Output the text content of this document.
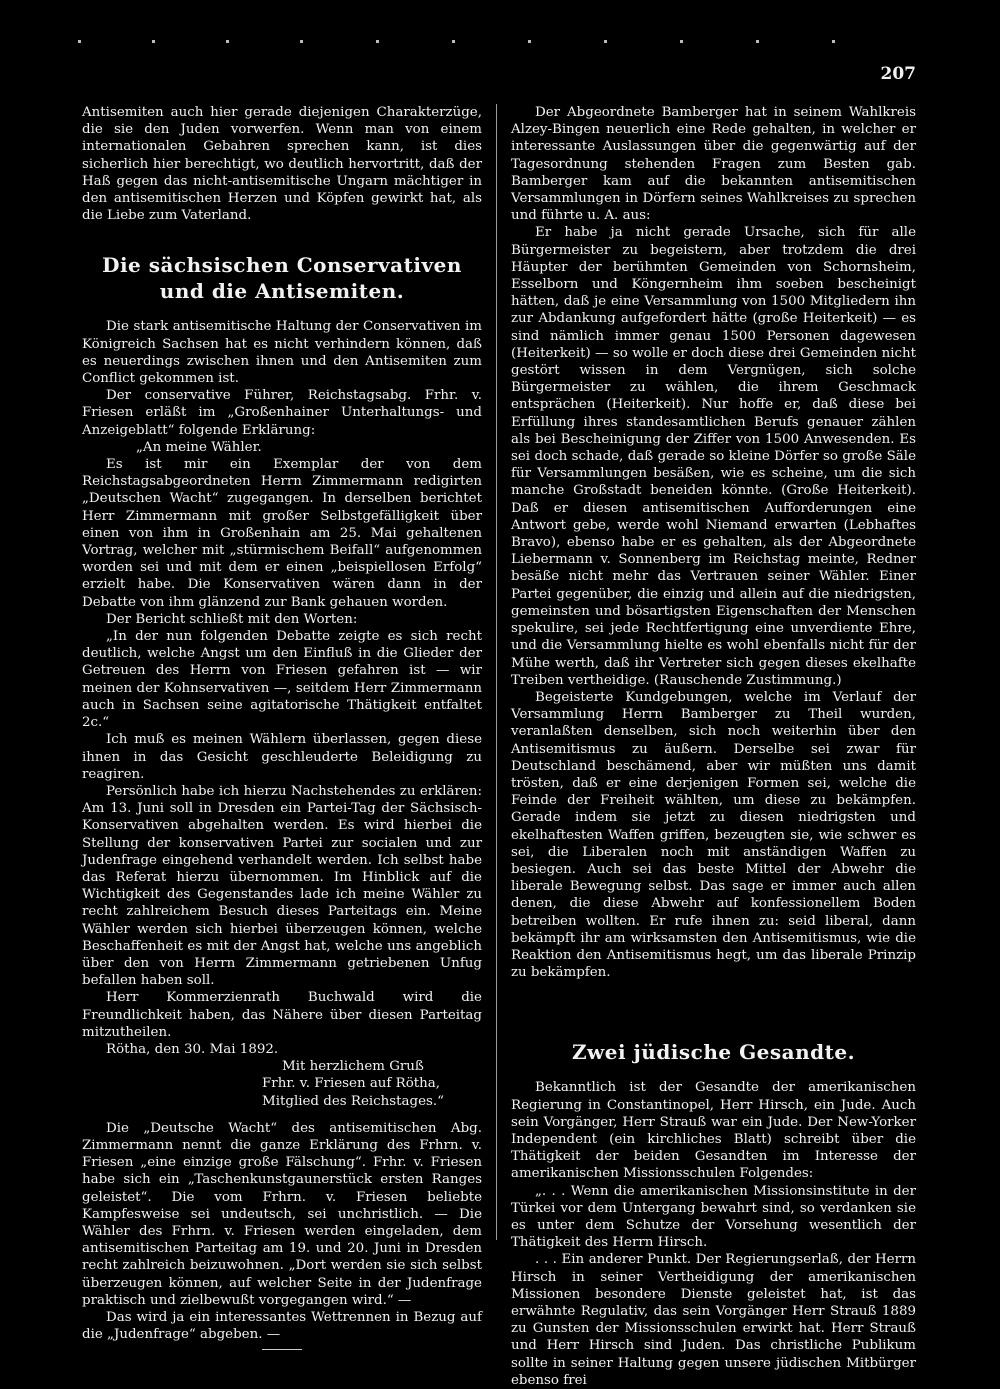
207

Antisemiten auch hier gerade diejenigen Charakterzüge, die sie den Juden vorwerfen. Wenn man von einem internationalen Gebahren sprechen kann, ist dies sicherlich hier berechtigt, wo deutlich hervortritt, daß der Haß gegen das nicht-antisemitische Ungarn mächtiger in den antisemitischen Herzen und Köpfen gewirkt hat, als die Liebe zum Vaterland.

Die sächsischen Conservativen und die Antisemiten.

Die stark antisemitische Haltung der Conservativen im Königreich Sachsen hat es nicht verhindern können, daß es neuerdings zwischen ihnen und den Antisemiten zum Conflict gekommen ist.

Der conservative Führer, Reichstagsabg. Frhr. v. Friesen erläßt im „Großenhainer Unterhaltungs- und Anzeigeblatt“ folgende Erklärung:

„An meine Wähler.

Es ist mir ein Exemplar der von dem Reichstagsabgeordneten Herrn Zimmermann redigirten „Deutschen Wacht“ zugegangen. In derselben berichtet Herr Zimmermann mit großer Selbstgefälligkeit über einen von ihm in Großenhain am 25. Mai gehaltenen Vortrag, welcher mit „stürmischem Beifall“ aufgenommen worden sei und mit dem er einen „beispiellosen Erfolg“ erzielt habe. Die Konservativen wären dann in der Debatte von ihm glänzend zur Bank gehauen worden.

Der Bericht schließt mit den Worten:

„In der nun folgenden Debatte zeigte es sich recht deutlich, welche Angst um den Einfluß in die Glieder der Getreuen des Herrn von Friesen gefahren ist — wir meinen der Kohnservativen —, seitdem Herr Zimmermann auch in Sachsen seine agitatorische Thätigkeit entfaltet 2c.“

Ich muß es meinen Wählern überlassen, gegen diese ihnen in das Gesicht geschleuderte Beleidigung zu reagiren.

Persönlich habe ich hierzu Nachstehendes zu erklären: Am 13. Juni soll in Dresden ein Partei-Tag der Sächsisch-Konservativen abgehalten werden. Es wird hierbei die Stellung der konservativen Partei zur socialen und zur Judenfrage eingehend verhandelt werden. Ich selbst habe das Referat hierzu übernommen. Im Hinblick auf die Wichtigkeit des Gegenstandes lade ich meine Wähler zu recht zahlreichem Besuch dieses Parteitags ein. Meine Wähler werden sich hierbei überzeugen können, welche Beschaffenheit es mit der Angst hat, welche uns angeblich über den von Herrn Zimmermann getriebenen Unfug befallen haben soll.

Herr Kommerzienrath Buchwald wird die Freundlichkeit haben, das Nähere über diesen Parteitag mitzutheilen.

Rötha, den 30. Mai 1892.

Mit herzlichem Gruß

Frhr. v. Friesen auf Rötha,

Mitglied des Reichstages.“

Die „Deutsche Wacht“ des antisemitischen Abg. Zimmermann nennt die ganze Erklärung des Frhrn. v. Friesen „eine einzige große Fälschung“. Frhr. v. Friesen habe sich ein „Taschenkunstgaunerstück ersten Ranges geleistet“. Die vom Frhrn. v. Friesen beliebte Kampfesweise sei undeutsch, sei unchristlich. — Die Wähler des Frhrn. v. Friesen werden eingeladen, dem antisemitischen Parteitag am 19. und 20. Juni in Dresden recht zahlreich beizuwohnen. „Dort werden sie sich selbst überzeugen können, auf welcher Seite in der Judenfrage praktisch und zielbewußt vorgegangen wird.“ —

Das wird ja ein interessantes Wettrennen in Bezug auf die „Judenfrage“ abgeben. —

Der Abgeordnete Bamberger hat in seinem Wahlkreis Alzey-Bingen neuerlich eine Rede gehalten, in welcher er interessante Auslassungen über die gegenwärtig auf der Tagesordnung stehenden Fragen zum Besten gab. Bamberger kam auf die bekannten antisemitischen Versammlungen in Dörfern seines Wahlkreises zu sprechen und führte u. A. aus:

Er habe ja nicht gerade Ursache, sich für alle Bürgermeister zu begeistern, aber trotzdem die drei Häupter der berühmten Gemeinden von Schornsheim, Esselborn und Köngernheim ihm soeben bescheinigt hätten, daß je eine Versammlung von 1500 Mitgliedern ihn zur Abdankung aufgefordert hätte (große Heiterkeit) — es sind nämlich immer genau 1500 Personen dagewesen (Heiterkeit) — so wolle er doch diese drei Gemeinden nicht gestört wissen in dem Vergnügen, sich solche Bürgermeister zu wählen, die ihrem Geschmack entsprächen (Heiterkeit). Nur hoffe er, daß diese bei Erfüllung ihres standesamtlichen Berufs genauer zählen als bei Bescheinigung der Ziffer von 1500 Anwesenden. Es sei doch schade, daß gerade so kleine Dörfer so große Säle für Versammlungen besäßen, wie es scheine, um die sich manche Großstadt beneiden könnte. (Große Heiterkeit). Daß er diesen antisemitischen Aufforderungen eine Antwort gebe, werde wohl Niemand erwarten (Lebhaftes Bravo), ebenso habe er es gehalten, als der Abgeordnete Liebermann v. Sonnenberg im Reichstag meinte, Redner besäße nicht mehr das Vertrauen seiner Wähler. Einer Partei gegenüber, die einzig und allein auf die niedrigsten, gemeinsten und bösartigsten Eigenschaften der Menschen spekulire, sei jede Rechtfertigung eine unverdiente Ehre, und die Versammlung hielte es wohl ebenfalls nicht für der Mühe werth, daß ihr Vertreter sich gegen dieses ekelhafte Treiben vertheidige. (Rauschende Zustimmung.)

Begeisterte Kundgebungen, welche im Verlauf der Versammlung Herrn Bamberger zu Theil wurden, veranlaßten denselben, sich noch weiterhin über den Antisemitismus zu äußern. Derselbe sei zwar für Deutschland beschämend, aber wir müßten uns damit trösten, daß er eine derjenigen Formen sei, welche die Feinde der Freiheit wählten, um diese zu bekämpfen. Gerade indem sie jetzt zu diesen niedrigsten und ekelhaftesten Waffen griffen, bezeugten sie, wie schwer es sei, die Liberalen noch mit anständigen Waffen zu besiegen. Auch sei das beste Mittel der Abwehr die liberale Bewegung selbst. Das sage er immer auch allen denen, die diese Abwehr auf konfessionellem Boden betreiben wollten. Er rufe ihnen zu: seid liberal, dann bekämpft ihr am wirksamsten den Antisemitismus, wie die Reaktion den Antisemitismus hegt, um das liberale Prinzip zu bekämpfen.

Zwei jüdische Gesandte.

Bekanntlich ist der Gesandte der amerikanischen Regierung in Constantinopel, Herr Hirsch, ein Jude. Auch sein Vorgänger, Herr Strauß war ein Jude. Der New-Yorker Independent (ein kirchliches Blatt) schreibt über die Thätigkeit der beiden Gesandten im Interesse der amerikanischen Missionsschulen Folgendes:

„. . . Wenn die amerikanischen Missionsinstitute in der Türkei vor dem Untergang bewahrt sind, so verdanken sie es unter dem Schutze der Vorsehung wesentlich der Thätigkeit des Herrn Hirsch.

. . . Ein anderer Punkt. Der Regierungserlaß, der Herrn Hirsch in seiner Vertheidigung der amerikanischen Missionen besondere Dienste geleistet hat, ist das erwähnte Regulativ, das sein Vorgänger Herr Strauß 1889 zu Gunsten der Missionsschulen erwirkt hat. Herr Strauß und Herr Hirsch sind Juden. Das christliche Publikum sollte in seiner Haltung gegen unsere jüdischen Mitbürger ebenso frei
